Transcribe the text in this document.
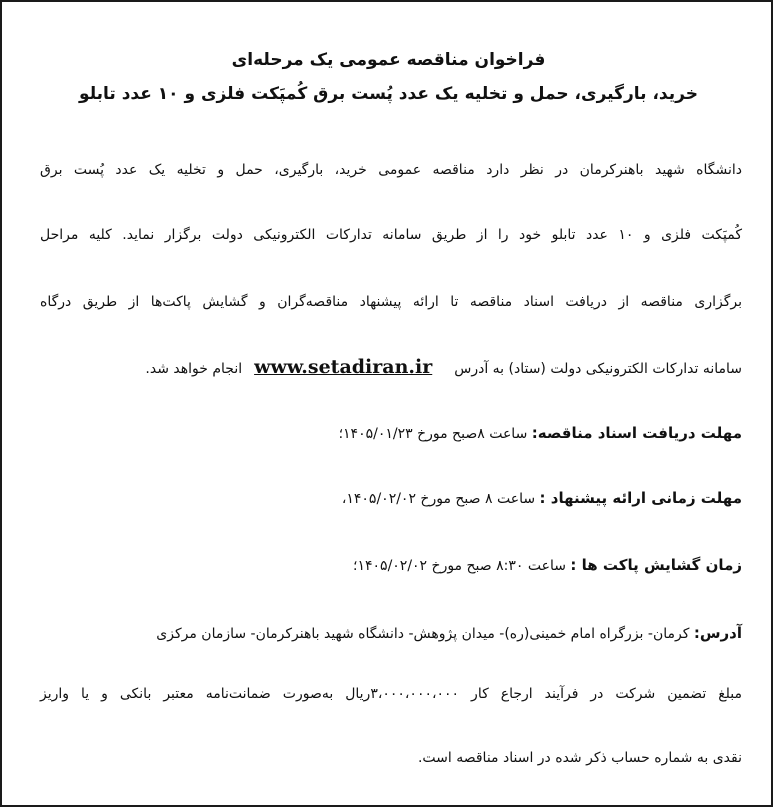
فراخوان مناقصه عمومی یک مرحله‌ای
خرید، بارگیری، حمل و تخلیه یک عدد پُست برق کُمپَکت فلزی و ۱۰ عدد تابلو
دانشگاه شهید باهنرکرمان در نظر دارد مناقصه عمومی خرید، بارگیری، حمل و تخلیه یک عدد پُست برق
کُمپَکت فلزی و ۱۰ عدد تابلو خود را از طریق سامانه تدارکات الکترونیکی دولت برگزار نماید. کلیه مراحل
برگزاری مناقصه از دریافت اسناد مناقصه تا ارائه پیشنهاد مناقصه‌گران و گشایش پاکت‌ها از طریق درگاه
سامانه تدارکات الکترونیکی دولت (ستاد) به آدرسwww.setadiran.irانجام خواهد شد.
مهلت دریافت اسناد مناقصه: ساعت ۸صبح مورخ ۱۴۰۵/۰۱/۲۳؛
مهلت زمانی ارائه پیشنهاد : ساعت ۸ صبح مورخ ۱۴۰۵/۰۲/۰۲،
زمان گشایش پاکت ها : ساعت ۸:۳۰ صبح مورخ ۱۴۰۵/۰۲/۰۲؛
آدرس: کرمان- بزرگراه امام خمینی(ره)- میدان پژوهش- دانشگاه شهید باهنرکرمان- سازمان مرکزی
مبلغ تضمین شرکت در فرآیند ارجاع کار ۳،۰۰۰،۰۰۰،۰۰۰ریال به‌صورت ضمانت‌نامه معتبر بانکی و یا واریز
نقدی به شماره حساب ذکر شده در اسناد مناقصه است.
